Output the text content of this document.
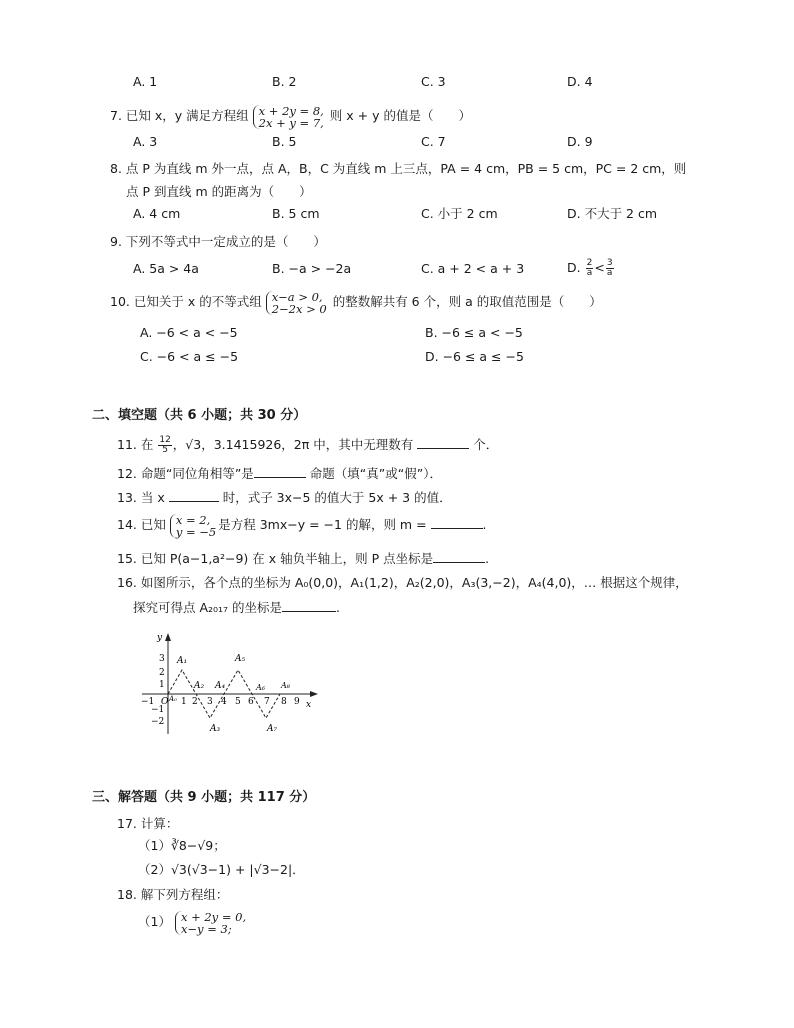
A. 1	B. 2	C. 3	D. 4
7. 已知 x，y 满足方程组 x + 2y = 8,
2x + y = 7, 则 x + y 的值是（　　）
A. 3	B. 5	C. 7	D. 9
8. 点 P 为直线 m 外一点，点 A，B，C 为直线 m 上三点，PA = 4 cm，PB = 5 cm，PC = 2 cm，则
点 P 到直线 m 的距离为（　　）
A. 4 cm	B. 5 cm	C. 小于 2 cm	D. 不大于 2 cm
9. 下列不等式中一定成立的是（　　）
A. 5a > 4a	B. −a > −2a	C. a + 2 < a + 3	D. $\frac{2}{a} < \frac{3}{a}$
10. 已知关于 x 的不等式组 x−a > 0,
2−2x > 0 的整数解共有 6 个，则 a 的取值范围是（　　）
A. −6 < a < −5	B. −6 ≤ a < −5
C. −6 < a ≤ −5	D. −6 ≤ a ≤ −5
二、填空题（共 6 小题；共 30 分）
11. 在 $\frac{12}{5}$ ，√3，3.1415926，2π 中，其中无理数有	个．
12. 命题“同位角相等”是	命题（填“真”或“假”）．
13. 当 x	时，式子 3x−5 的值大于 5x + 3 的值．
14. 已知 x = 2,
y = −5 是方程 3mx−y = −1 的解，则 m =	.
15. 已知 P(a−1,a²−9) 在 x 轴负半轴上，则 P 点坐标是	.
16. 如图所示，各个点的坐标为 A₀(0,0)，A₁(1,2)，A₂(2,0)，A₃(3,−2)，A₄(4,0)，… 根据这个规律，
探究可得点 A₂₀₁₇ 的坐标是	.
y
x
3
2
1
−1
−2
−1 O 1 2 3 4 5 6 7 8 9
A₀
A₁
A₂
A₃
A₄
A₅
A₆
A₇
A₈
三、解答题（共 9 小题；共 117 分）
17. 计算：
（1）∛8−√9；
（2）√3(√3−1) + |√3−2|．
18. 解下列方程组：
（1） x + 2y = 0,
x−y = 3;
